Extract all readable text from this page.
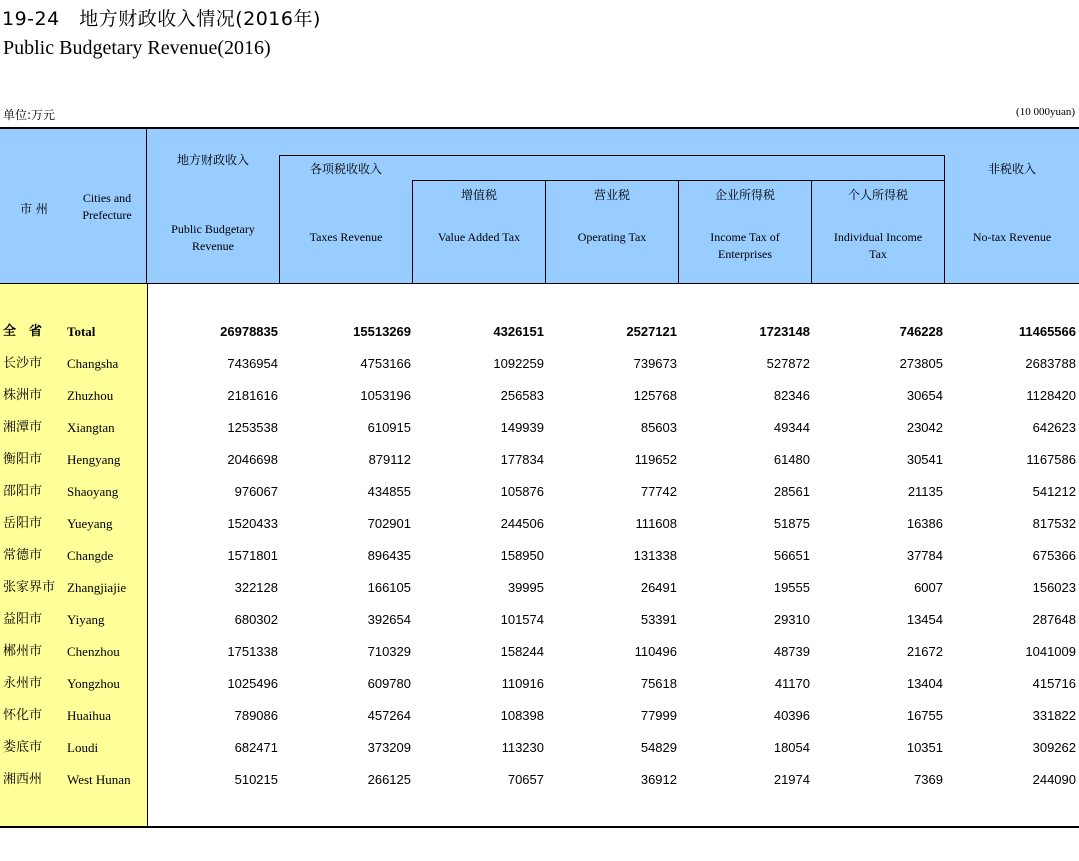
19-24　地方财政收入情况(2016年)
Public Budgetary Revenue(2016)
单位:万元	(10 000yuan)
市 州
Cities and Prefecture
地方财政收入
Public Budgetary Revenue
各项税收收入
Taxes Revenue
增值税
Value Added Tax
营业税
Operating Tax
企业所得税
Income Tax of Enterprises
个人所得税
Individual Income Tax
非税收入
No-tax Revenue
全　省 Total	26978835	15513269	4326151	2527121	1723148	746228	11465566
长沙市 Changsha	7436954	4753166	1092259	739673	527872	273805	2683788
株洲市 Zhuzhou	2181616	1053196	256583	125768	82346	30654	1128420
湘潭市 Xiangtan	1253538	610915	149939	85603	49344	23042	642623
衡阳市 Hengyang	2046698	879112	177834	119652	61480	30541	1167586
邵阳市 Shaoyang	976067	434855	105876	77742	28561	21135	541212
岳阳市 Yueyang	1520433	702901	244506	111608	51875	16386	817532
常德市 Changde	1571801	896435	158950	131338	56651	37784	675366
张家界市 Zhangjiajie	322128	166105	39995	26491	19555	6007	156023
益阳市 Yiyang	680302	392654	101574	53391	29310	13454	287648
郴州市 Chenzhou	1751338	710329	158244	110496	48739	21672	1041009
永州市 Yongzhou	1025496	609780	110916	75618	41170	13404	415716
怀化市 Huaihua	789086	457264	108398	77999	40396	16755	331822
娄底市 Loudi	682471	373209	113230	54829	18054	10351	309262
湘西州 West Hunan	510215	266125	70657	36912	21974	7369	244090
